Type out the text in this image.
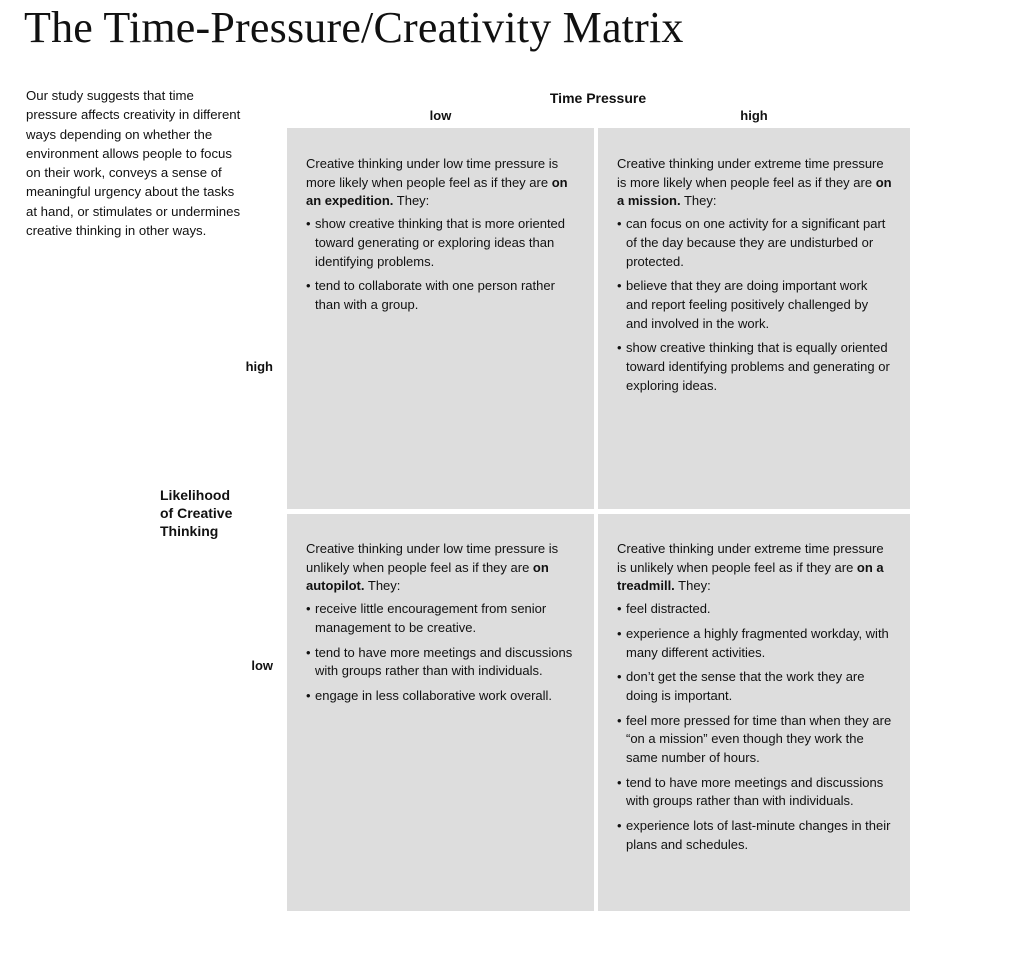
The Time-Pressure/Creativity Matrix

Our study suggests that time pressure affects creativity in different ways depending on whether the environment allows people to focus on their work, conveys a sense of meaningful urgency about the tasks at hand, or stimulates or undermines creative thinking in other ways.

Time Pressure
low	high
Likelihood
of Creative
Thinking
high
low

Creative thinking under low time pressure is more likely when people feel as if they are on an expedition. They:

• show creative thinking that is more oriented toward generating or exploring ideas than identifying problems.
• tend to collaborate with one person rather than with a group.

Creative thinking under extreme time pressure is more likely when people feel as if they are on a mission. They:

• can focus on one activity for a significant part of the day because they are undisturbed or protected.
• believe that they are doing important work and report feeling positively challenged by and involved in the work.
• show creative thinking that is equally oriented toward identifying problems and generating or exploring ideas.

Creative thinking under low time pressure is unlikely when people feel as if they are on autopilot. They:

• receive little encouragement from senior management to be creative.
• tend to have more meetings and discussions with groups rather than with individuals.
• engage in less collaborative work overall.

Creative thinking under extreme time pressure is unlikely when people feel as if they are on a treadmill. They:

• feel distracted.
• experience a highly fragmented workday, with many different activities.
• don’t get the sense that the work they are doing is important.
• feel more pressed for time than when they are “on a mission” even though they work the same number of hours.
• tend to have more meetings and discussions with groups rather than with individuals.
• experience lots of last-minute changes in their plans and schedules.
